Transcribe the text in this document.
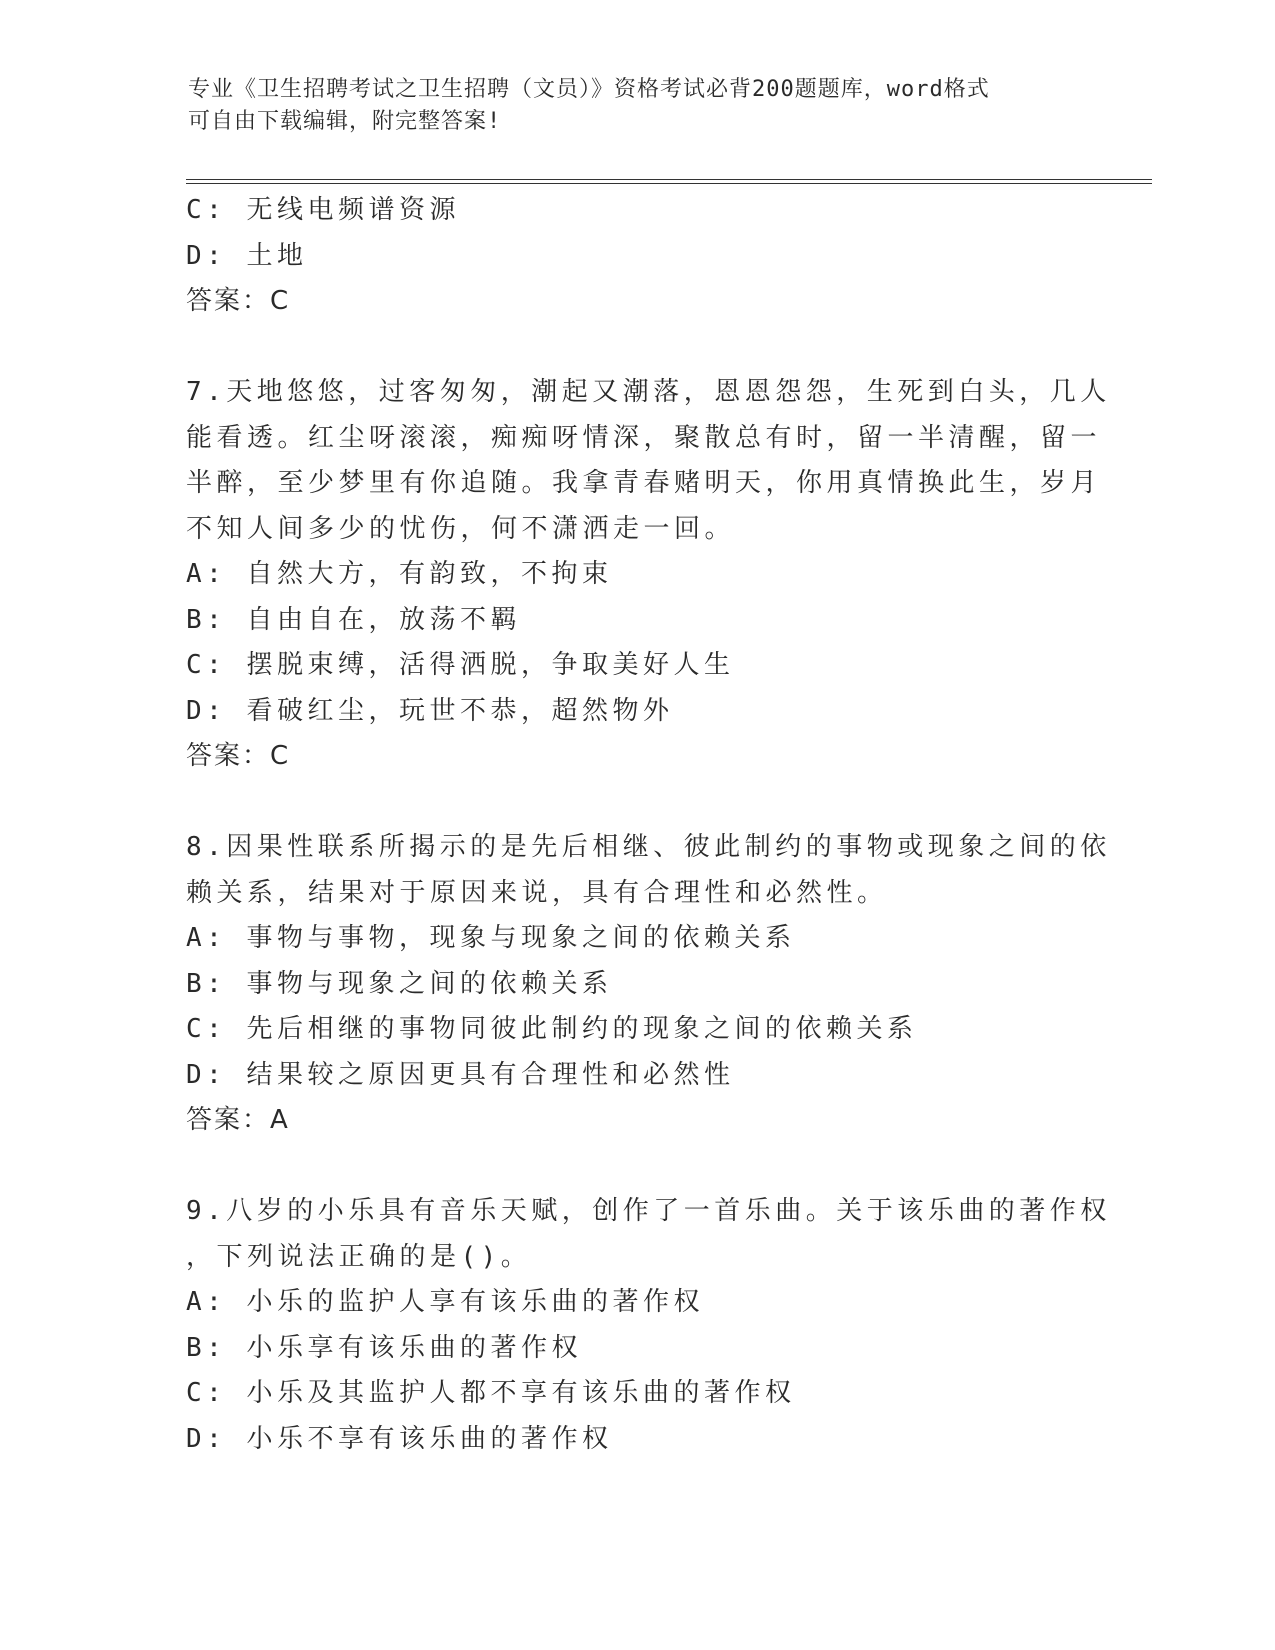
专业《卫生招聘考试之卫生招聘（文员）》资格考试必背200题题库，word格式
可自由下载编辑，附完整答案!
C: 无线电频谱资源
D: 土地
答案：C
7.天地悠悠，过客匆匆，潮起又潮落，恩恩怨怨，生死到白头，几人
能看透。红尘呀滚滚，痴痴呀情深，聚散总有时，留一半清醒，留一
半醉，至少梦里有你追随。我拿青春赌明天，你用真情换此生，岁月
不知人间多少的忧伤，何不潇洒走一回。
A: 自然大方，有韵致，不拘束
B: 自由自在，放荡不羁
C: 摆脱束缚，活得洒脱，争取美好人生
D: 看破红尘，玩世不恭，超然物外
答案：C
8.因果性联系所揭示的是先后相继、彼此制约的事物或现象之间的依
赖关系，结果对于原因来说，具有合理性和必然性。
A: 事物与事物，现象与现象之间的依赖关系
B: 事物与现象之间的依赖关系
C: 先后相继的事物同彼此制约的现象之间的依赖关系
D: 结果较之原因更具有合理性和必然性
答案：A
9.八岁的小乐具有音乐天赋，创作了一首乐曲。关于该乐曲的著作权
，下列说法正确的是()。
A: 小乐的监护人享有该乐曲的著作权
B: 小乐享有该乐曲的著作权
C: 小乐及其监护人都不享有该乐曲的著作权
D: 小乐不享有该乐曲的著作权
